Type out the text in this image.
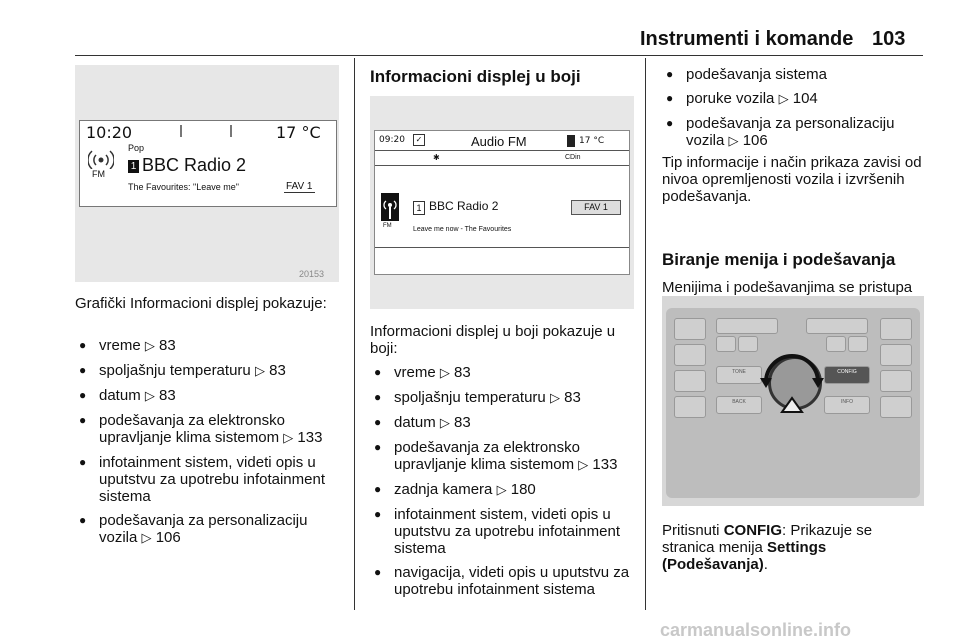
Instrumenti i komande 103
10:20	17 °C
FM
Pop
1 BBC Radio 2
The Favourites: "Leave me"	FAV 1
20153
Grafički Informacioni displej pokazuje:
● vreme ▷ 83
● spoljašnju temperaturu ▷ 83
● datum ▷ 83
● podešavanja za elektronsko upravljanje klima sistemom ▷ 133
● infotainment sistem, videti opis u uputstvu za upotrebu infotainment sistema
● podešavanja za personalizaciju vozila ▷ 106
Informacioni displej u boji
09:20	✓	Audio FM	17 °C
✱	CDin
FM
1 BBC Radio 2	FAV 1
Leave me now - The Favourites
Informacioni displej u boji pokazuje u boji:
● vreme ▷ 83
● spoljašnju temperaturu ▷ 83
● datum ▷ 83
● podešavanja za elektronsko upravljanje klima sistemom ▷ 133
● zadnja kamera ▷ 180
● infotainment sistem, videti opis u uputstvu za upotrebu infotainment sistema
● navigacija, videti opis u uputstvu za upotrebu infotainment sistema
● podešavanja sistema
● poruke vozila ▷ 104
● podešavanja za personalizaciju vozila ▷ 106
Tip informacije i način prikaza zavisi od nivoa opremljenosti vozila i izvršenih podešavanja.
Biranje menija i podešavanja
Menijima i podešavanjima se pristupa
TONE	CONFIG
BACK	INFO
Pritisnuti CONFIG: Prikazuje se stranica menija Settings (Podešavanja).
carmanualsonline.info
